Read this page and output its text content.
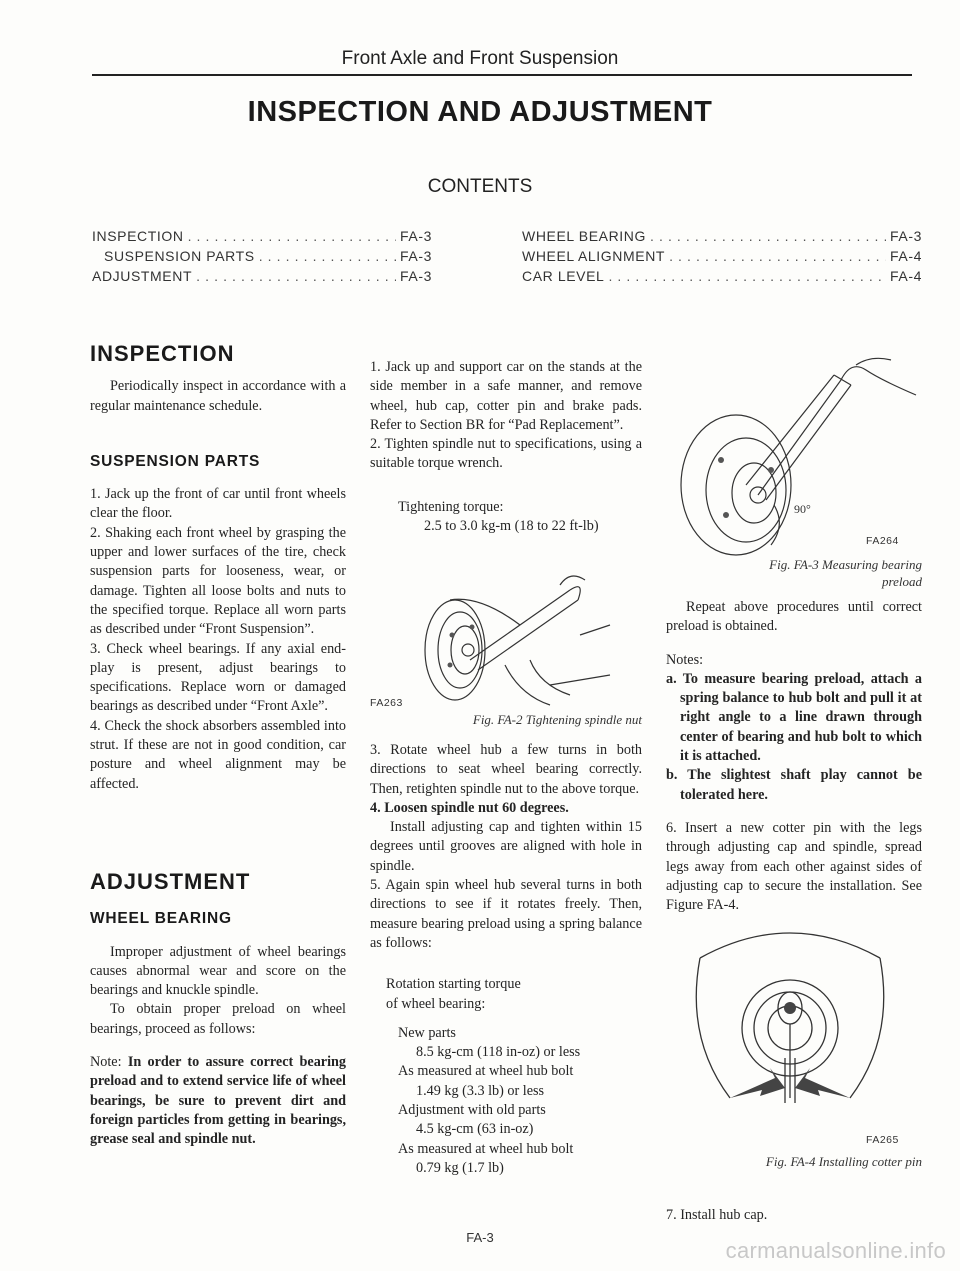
Front Axle and Front Suspension
INSPECTION AND ADJUSTMENT
CONTENTS
INSPECTION . . .	FA-3
SUSPENSION PARTS . . .	FA-3
ADJUSTMENT . . .	FA-3
WHEEL BEARING . . .	FA-3
WHEEL ALIGNMENT . . .	FA-4
CAR LEVEL . . .	FA-4
INSPECTION

Periodically inspect in accordance with a regular maintenance schedule.

SUSPENSION PARTS

1. Jack up the front of car until front wheels clear the floor.

2. Shaking each front wheel by grasping the upper and lower surfaces of the tire, check suspension parts for looseness, wear, or damage. Tighten all loose bolts and nuts to the specified torque. Replace all worn parts as described under “Front Suspension”.

3. Check wheel bearings. If any axial end-play is present, adjust bearings to specifications. Replace worn or damaged bearings as described under “Front Axle”.

4. Check the shock absorbers assembled into strut. If these are not in good condition, car posture and wheel alignment may be affected.

ADJUSTMENT
WHEEL BEARING

Improper adjustment of wheel bearings causes abnormal wear and score on the bearings and knuckle spindle.

To obtain proper preload on wheel bearings, proceed as follows:

Note: In order to assure correct bearing preload and to extend service life of wheel bearings, be sure to prevent dirt and foreign particles from getting in bearings, grease seal and spindle nut.

1. Jack up and support car on the stands at the side member in a safe manner, and remove wheel, hub cap, cotter pin and brake pads. Refer to Section BR for “Pad Replacement”.

2. Tighten spindle nut to specifications, using a suitable torque wrench.

Tightening torque:
2.5 to 3.0 kg-m (18 to 22 ft-lb)
FA263
Fig. FA-2 Tightening spindle nut

3. Rotate wheel hub a few turns in both directions to seat wheel bearing correctly. Then, retighten spindle nut to the above torque.

4. Loosen spindle nut 60 degrees.

Install adjusting cap and tighten within 15 degrees until grooves are aligned with hole in spindle.

5. Again spin wheel hub several turns in both directions to see if it rotates freely. Then, measure bearing preload using a spring balance as follows:

Rotation starting torque
of wheel bearing:
New parts
8.5 kg-cm (118 in-oz) or less
As measured at wheel hub bolt
1.49 kg (3.3 lb) or less
Adjustment with old parts
4.5 kg-cm (63 in-oz)
As measured at wheel hub bolt
0.79 kg (1.7 lb)
90°
FA264
Fig. FA-3 Measuring bearing
preload

Repeat above procedures until correct preload is obtained.

Notes:

a. To measure bearing preload, attach a spring balance to hub bolt and pull it at right angle to a line drawn through center of bearing and hub bolt to which it is attached.

b. The slightest shaft play cannot be tolerated here.

6. Insert a new cotter pin with the legs through adjusting cap and spindle, spread legs away from each other against sides of adjusting cap to secure the installation. See Figure FA-4.

FA265
Fig. FA-4 Installing cotter pin
7. Install hub cap.
FA-3
carmanualsonline.info
